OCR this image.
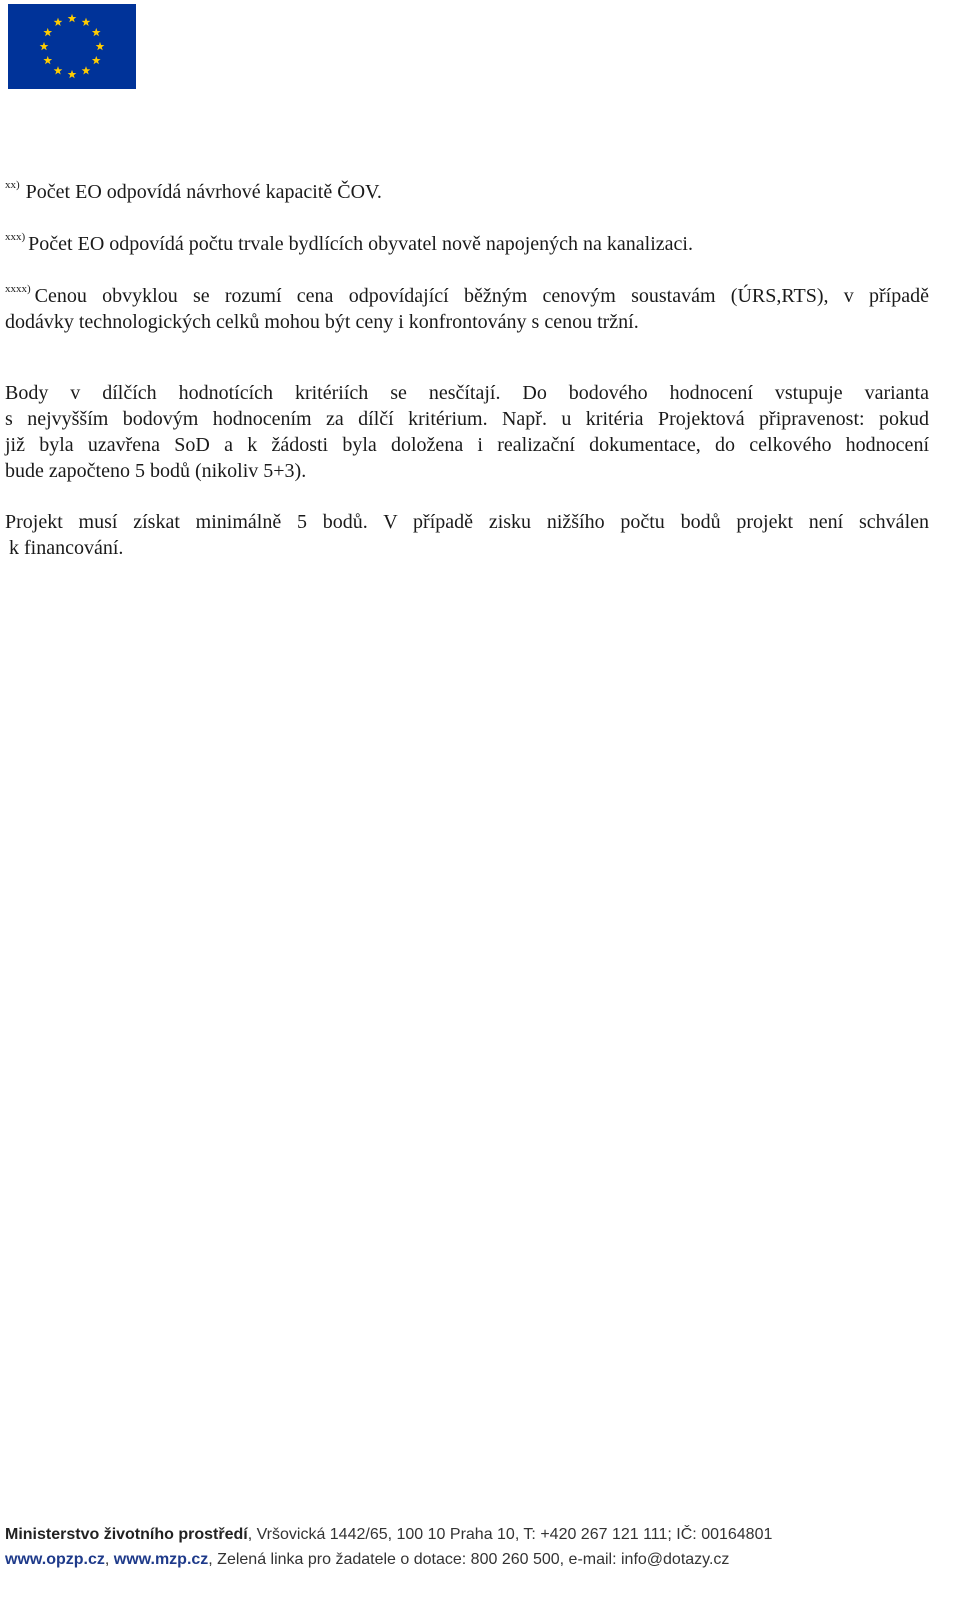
$^{xx)}$ Počet EO odpovídá návrhové kapacitě ČOV.

$^{xxx)}$ Počet EO odpovídá počtu trvale bydlících obyvatel nově napojených na kanalizaci.

$^{xxxx)}$ Cenou obvyklou se rozumí cena odpovídající běžným cenovým soustavám (ÚRS,RTS), v případě
dodávky technologických celků mohou být ceny i konfrontovány s cenou tržní.
Body v dílčích hodnotících kritériích se nesčítají. Do bodového hodnocení vstupuje varianta
s nejvyšším bodovým hodnocením za dílčí kritérium. Např. u kritéria Projektová připravenost: pokud
již byla uzavřena SoD a k žádosti byla doložena i realizační dokumentace, do celkového hodnocení
bude započteno 5 bodů (nikoliv 5+3).
Projekt musí získat minimálně 5 bodů. V případě zisku nižšího počtu bodů projekt není schválen
k financování.
Ministerstvo životního prostředí, Vršovická 1442/65, 100 10 Praha 10, T: +420 267 121 111; IČ: 00164801
www.opzp.cz, www.mzp.cz, Zelená linka pro žadatele o dotace: 800 260 500, e-mail: info@dotazy.cz
